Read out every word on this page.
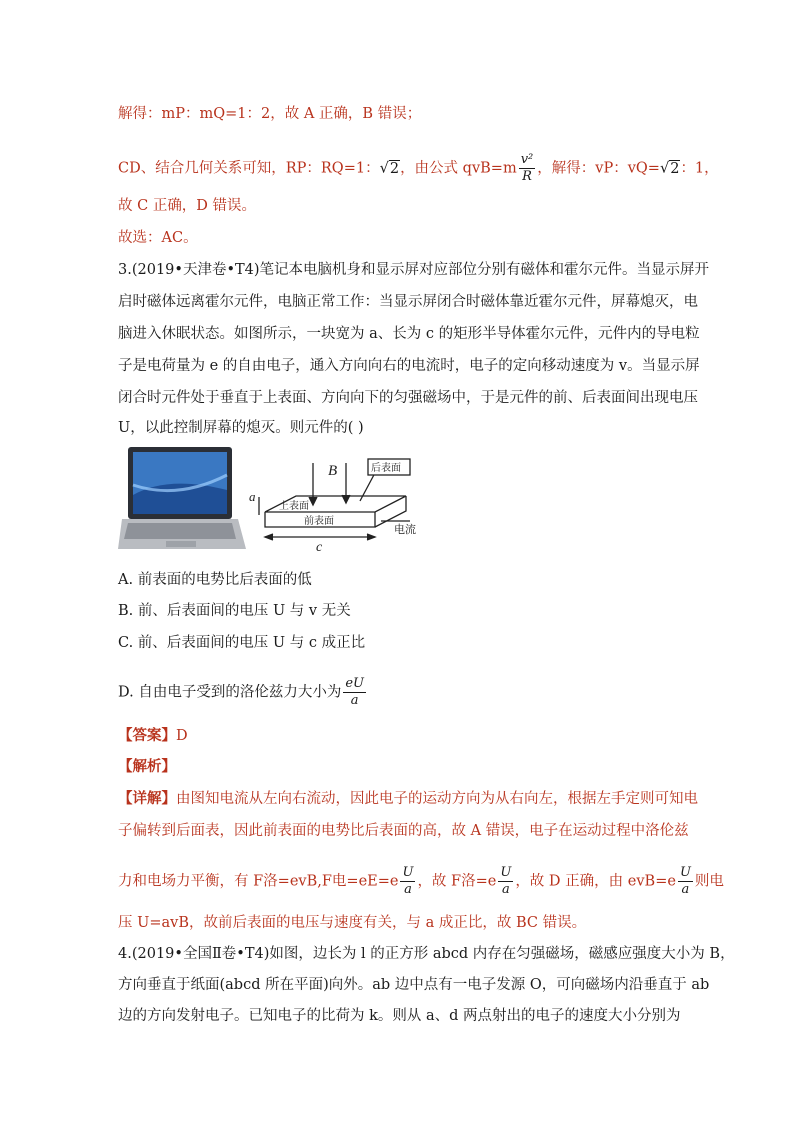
解得：mP：mQ=1：2，故 A 正确，B 错误；
CD、结合几何关系可知，RP：RQ=1：√2，由公式 $qvB=m \frac{\text{v²}}{R}$ ，解得：vP：vQ=√2：1，
故 C 正确，D 错误。
故选：AC。
3.(2019•天津卷•T4)笔记本电脑机身和显示屏对应部位分别有磁体和霍尔元件。当显示屏开
启时磁体远离霍尔元件，电脑正常工作：当显示屏闭合时磁体靠近霍尔元件，屏幕熄灭，电
脑进入休眠状态。如图所示，一块宽为 a、长为 c 的矩形半导体霍尔元件，元件内的导电粒
子是电荷量为 e 的自由电子，通入方向向右的电流时，电子的定向移动速度为 v。当显示屏
闭合时元件处于垂直于上表面、方向向下的匀强磁场中，于是元件的前、后表面间出现电压
U，以此控制屏幕的熄灭。则元件的( )
B
a
c
后表面
上表面
前表面
电流
A. 前表面的电势比后表面的低
B. 前、后表面间的电压 U 与 v 无关
C. 前、后表面间的电压 U 与 c 成正比
D. 自由电子受到的洛伦兹力大小为 $\frac{eU}{a}$
【答案】D
【解析】
【详解】由图知电流从左向右流动，因此电子的运动方向为从右向左，根据左手定则可知电
子偏转到后面表，因此前表面的电势比后表面的高，故 A 错误，电子在运动过程中洛伦兹
力和电场力平衡，有 F洛=evB,F电$=eE=e \frac{U}{a}$ ，故 F洛$=e \frac{U}{a}$ ，故 D 正确，由 $evB=e \frac{U}{a}$ 则电
压 U=avB，故前后表面的电压与速度有关，与 a 成正比，故 BC 错误。
4.(2019•全国Ⅱ卷•T4)如图，边长为 l 的正方形 abcd 内存在匀强磁场，磁感应强度大小为 B，
方向垂直于纸面(abcd 所在平面)向外。ab 边中点有一电子发源 O，可向磁场内沿垂直于 ab
边的方向发射电子。已知电子的比荷为 k。则从 a、d 两点射出的电子的速度大小分别为
